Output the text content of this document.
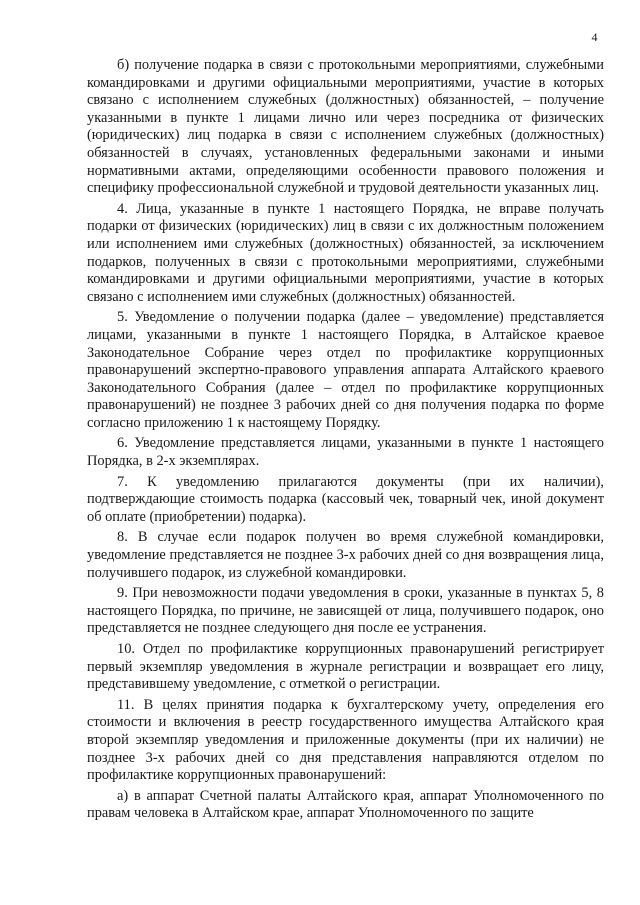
4

б) получение подарка в связи с протокольными мероприятиями, служебными командировками и другими официальными мероприятиями, участие в которых связано с исполнением служебных (должностных) обязанностей, – получение указанными в пункте 1 лицами лично или через посредника от физических (юридических) лиц подарка в связи с исполнением служебных (должностных) обязанностей в случаях, установленных федеральными законами и иными нормативными актами, определяющими особенности правового положения и специфику профессиональной служебной и трудовой деятельности указанных лиц.

4. Лица, указанные в пункте 1 настоящего Порядка, не вправе получать подарки от физических (юридических) лиц в связи с их должностным положением или исполнением ими служебных (должностных) обязанностей, за исключением подарков, полученных в связи с протокольными мероприятиями, служебными командировками и другими официальными мероприятиями, участие в которых связано с исполнением ими служебных (должностных) обязанностей.

5. Уведомление о получении подарка (далее – уведомление) представляется лицами, указанными в пункте 1 настоящего Порядка, в Алтайское краевое Законодательное Собрание через отдел по профилактике коррупционных правонарушений экспертно-правового управления аппарата Алтайского краевого Законодательного Собрания (далее – отдел по профилактике коррупционных правонарушений) не позднее 3 рабочих дней со дня получения подарка по форме согласно приложению 1 к настоящему Порядку.

6. Уведомление представляется лицами, указанными в пункте 1 настоящего Порядка, в 2-х экземплярах.

7. К уведомлению прилагаются документы (при их наличии), подтверждающие стоимость подарка (кассовый чек, товарный чек, иной документ об оплате (приобретении) подарка).

8. В случае если подарок получен во время служебной командировки, уведомление представляется не позднее 3-х рабочих дней со дня возвращения лица, получившего подарок, из служебной командировки.

9. При невозможности подачи уведомления в сроки, указанные в пунктах 5, 8 настоящего Порядка, по причине, не зависящей от лица, получившего подарок, оно представляется не позднее следующего дня после ее устранения.

10. Отдел по профилактике коррупционных правонарушений регистрирует первый экземпляр уведомления в журнале регистрации и возвращает его лицу, представившему уведомление, с отметкой о регистрации.

11. В целях принятия подарка к бухгалтерскому учету, определения его стоимости и включения в реестр государственного имущества Алтайского края второй экземпляр уведомления и приложенные документы (при их наличии) не позднее 3-х рабочих дней со дня представления направляются отделом по профилактике коррупционных правонарушений:

а) в аппарат Счетной палаты Алтайского края, аппарат Уполномоченного по правам человека в Алтайском крае, аппарат Уполномоченного по защите
